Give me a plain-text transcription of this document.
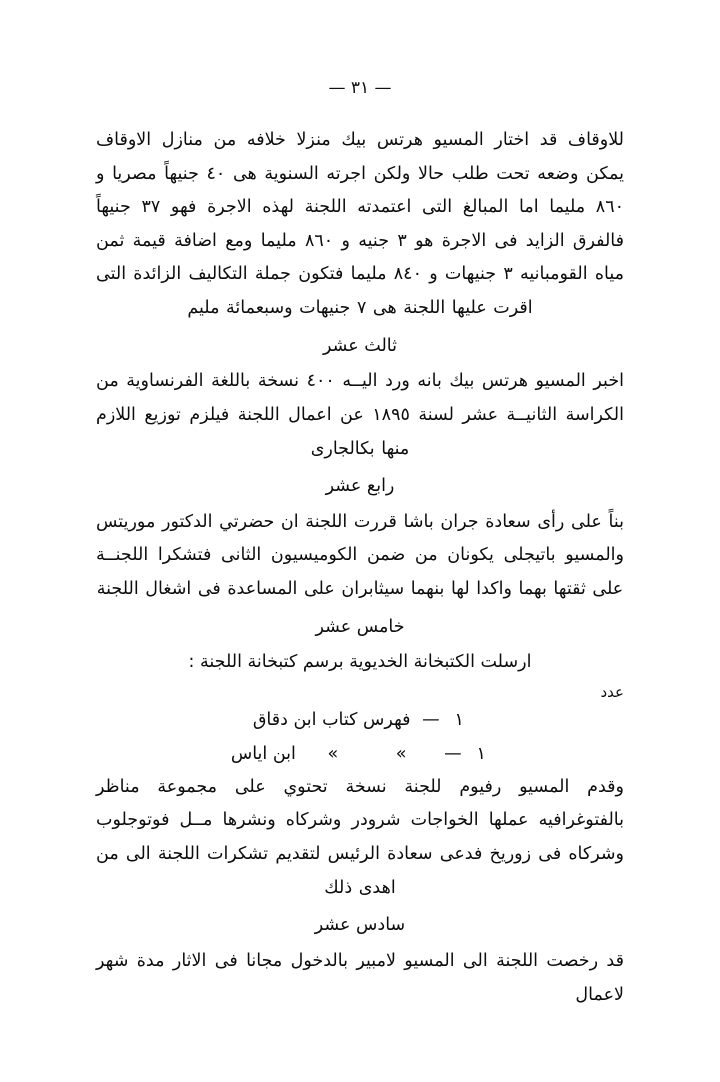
— ٣١ —

للاوقاف قد اختار المسيو هرتس بيك منزلا خلافه من منازل الاوقاف يمكن وضعه تحت طلب حالا ولكن اجرته السنوية هى ٤٠ جنيهاً مصريا و ٨٦٠ مليما اما المبالغ التى اعتمدته اللجنة لهذه الاجرة فهو ٣٧ جنيهاً فالفرق الزايد فى الاجرة هو ٣ جنيه و ٨٦٠ مليما ومع اضافة قيمة ثمن مياه القومبانيه ٣ جنيهات و ٨٤٠ مليما فتكون جملة التكاليف الزائدة التى اقرت عليها اللجنة هى ٧ جنيهات وسبعمائة مليم

ثالث عشر

اخبر المسيو هرتس بيك بانه ورد اليــه ٤٠٠ نسخة باللغة الفرنساوية من الكراسة الثانيــة عشر لسنة ١٨٩٥ عن اعمال اللجنة فيلزم توزيع اللازم منها بكالجارى

رابع عشر

بناً على رأى سعادة جران باشا قررت اللجنة ان حضرتي الدكتور موريتس والمسيو باتيجلى يكونان من ضمن الكوميسيون الثانى فتشكرا اللجنــة على ثقتها بهما واكدا لها بنهما سيثابران على المساعدة فى اشغال اللجنة

خامس عشر
ارسلت الكتبخانة الخديوية برسم كتبخانة اللجنة :
عدد
١ — فهرس كتاب ابن دقاق
١ — » » ابن اياس

وقدم المسيو رفيوم للجنة نسخة تحتوي على مجموعة مناظر بالفتوغرافيه عملها الخواجات شرودر وشركاه ونشرها مــل فوتوجلوب وشركاه فى زوريخ فدعى سعادة الرئيس لتقديم تشكرات اللجنة الى من اهدى ذلك

سادس عشر

قد رخصت اللجنة الى المسيو لامبير بالدخول مجانا فى الاثار مدة شهر لاعمال
